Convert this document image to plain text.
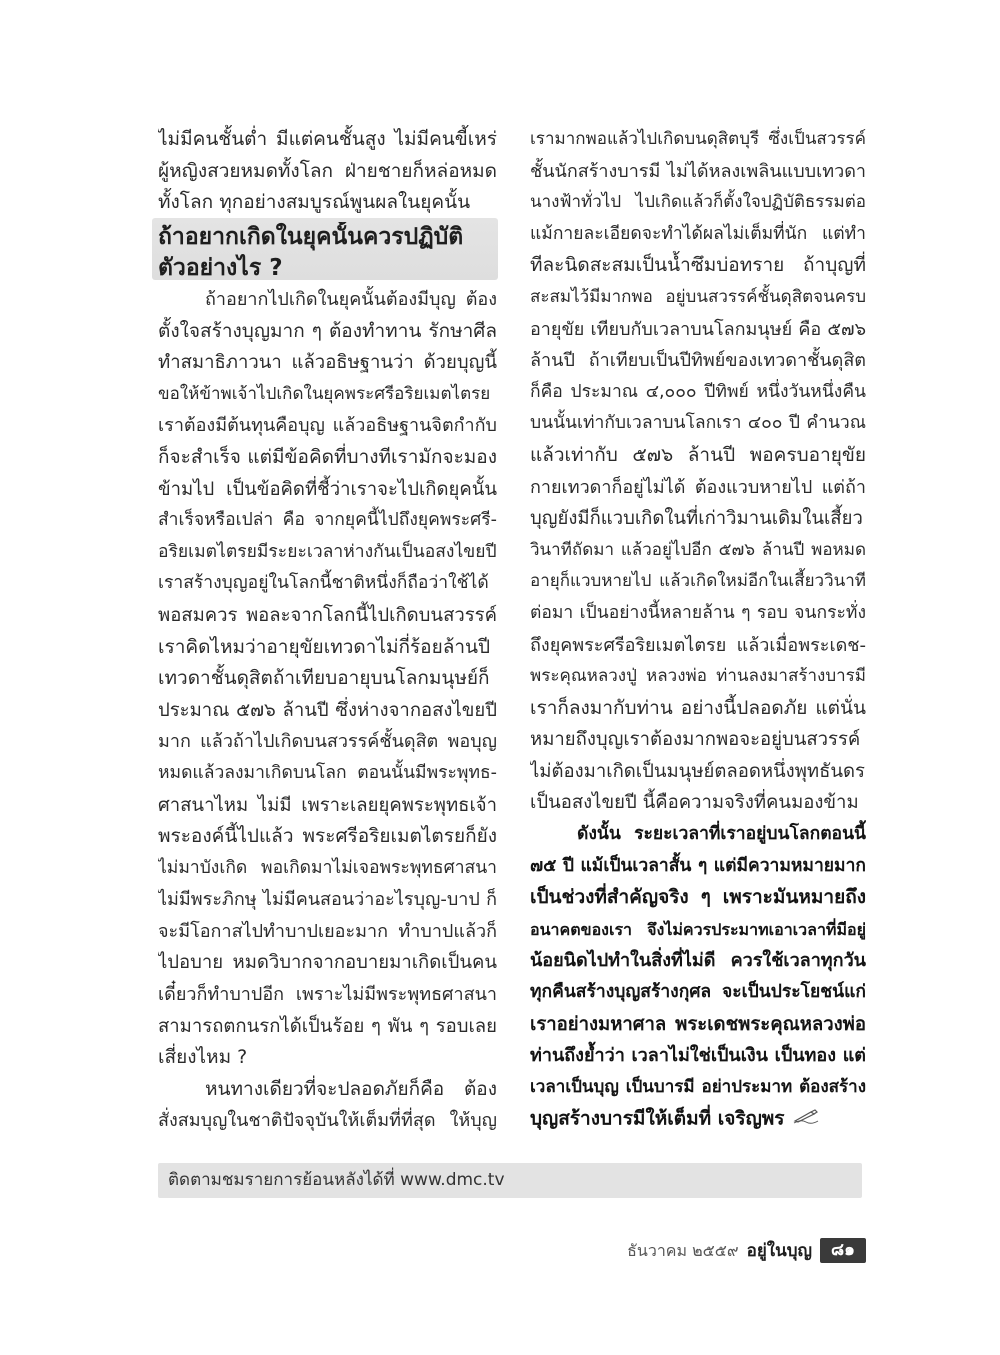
ไม่มีคนชั้นต่ำ มีแต่คนชั้นสูง ไม่มีคนขี้เหร่
ผู้หญิงสวยหมดทั้งโลก ฝ่ายชายก็หล่อหมด
ทั้งโลก ทุกอย่างสมบูรณ์พูนผลในยุคนั้น
ถ้าอยากเกิดในยุคนั้นควรปฏิบัติ
ตัวอย่างไร ?
ถ้าอยากไปเกิดในยุคนั้นต้องมีบุญ ต้อง
ตั้งใจสร้างบุญมาก ๆ ต้องทำทาน รักษาศีล
ทำสมาธิภาวนา แล้วอธิษฐานว่า ด้วยบุญนี้
ขอให้ข้าพเจ้าไปเกิดในยุคพระศรีอริยเมตไตรย
เราต้องมีต้นทุนคือบุญ แล้วอธิษฐานจิตกำกับ
ก็จะสำเร็จ แต่มีข้อคิดที่บางทีเรามักจะมอง
ข้ามไป เป็นข้อคิดที่ชี้ว่าเราจะไปเกิดยุคนั้น
สำเร็จหรือเปล่า คือ จากยุคนี้ไปถึงยุคพระศรี-
อริยเมตไตรยมีระยะเวลาห่างกันเป็นอสงไขยปี
เราสร้างบุญอยู่ในโลกนี้ชาติหนึ่งก็ถือว่าใช้ได้
พอสมควร พอละจากโลกนี้ไปเกิดบนสวรรค์
เราคิดไหมว่าอายุขัยเทวดาไม่กี่ร้อยล้านปี
เทวดาชั้นดุสิตถ้าเทียบอายุบนโลกมนุษย์ก็
ประมาณ ๕๗๖ ล้านปี ซึ่งห่างจากอสงไขยปี
มาก แล้วถ้าไปเกิดบนสวรรค์ชั้นดุสิต พอบุญ
หมดแล้วลงมาเกิดบนโลก ตอนนั้นมีพระพุทธ-
ศาสนาไหม ไม่มี เพราะเลยยุคพระพุทธเจ้า
พระองค์นี้ไปแล้ว พระศรีอริยเมตไตรยก็ยัง
ไม่มาบังเกิด พอเกิดมาไม่เจอพระพุทธศาสนา
ไม่มีพระภิกษุ ไม่มีคนสอนว่าอะไรบุญ-บาป ก็
จะมีโอกาสไปทำบาปเยอะมาก ทำบาปแล้วก็
ไปอบาย หมดวิบากจากอบายมาเกิดเป็นคน
เดี๋ยวก็ทำบาปอีก เพราะไม่มีพระพุทธศาสนา
สามารถตกนรกได้เป็นร้อย ๆ พัน ๆ รอบเลย
เสี่ยงไหม ?
หนทางเดียวที่จะปลอดภัยก็คือ ต้อง
สั่งสมบุญในชาติปัจจุบันให้เต็มที่ที่สุด ให้บุญ
เรามากพอแล้วไปเกิดบนดุสิตบุรี ซึ่งเป็นสวรรค์
ชั้นนักสร้างบารมี ไม่ได้หลงเพลินแบบเทวดา
นางฟ้าทั่วไป ไปเกิดแล้วก็ตั้งใจปฏิบัติธรรมต่อ
แม้กายละเอียดจะทำได้ผลไม่เต็มที่นัก แต่ทำ
ทีละนิดสะสมเป็นน้ำซึมบ่อทราย ถ้าบุญที่
สะสมไว้มีมากพอ อยู่บนสวรรค์ชั้นดุสิตจนครบ
อายุขัย เทียบกับเวลาบนโลกมนุษย์ คือ ๕๗๖
ล้านปี ถ้าเทียบเป็นปีทิพย์ของเทวดาชั้นดุสิต
ก็คือ ประมาณ ๔,๐๐๐ ปีทิพย์ หนึ่งวันหนึ่งคืน
บนนั้นเท่ากับเวลาบนโลกเรา ๔๐๐ ปี คำนวณ
แล้วเท่ากับ ๕๗๖ ล้านปี พอครบอายุขัย
กายเทวดาก็อยู่ไม่ได้ ต้องแวบหายไป แต่ถ้า
บุญยังมีก็แวบเกิดในที่เก่าวิมานเดิมในเสี้ยว
วินาทีถัดมา แล้วอยู่ไปอีก ๕๗๖ ล้านปี พอหมด
อายุก็แวบหายไป แล้วเกิดใหม่อีกในเสี้ยววินาที
ต่อมา เป็นอย่างนี้หลายล้าน ๆ รอบ จนกระทั่ง
ถึงยุคพระศรีอริยเมตไตรย แล้วเมื่อพระเดช-
พระคุณหลวงปู่ หลวงพ่อ ท่านลงมาสร้างบารมี
เราก็ลงมากับท่าน อย่างนี้ปลอดภัย แต่นั่น
หมายถึงบุญเราต้องมากพอจะอยู่บนสวรรค์
ไม่ต้องมาเกิดเป็นมนุษย์ตลอดหนึ่งพุทธันดร
เป็นอสงไขยปี นี้คือความจริงที่คนมองข้าม
ดังนั้น ระยะเวลาที่เราอยู่บนโลกตอนนี้
๗๕ ปี แม้เป็นเวลาสั้น ๆ แต่มีความหมายมาก
เป็นช่วงที่สำคัญจริง ๆ เพราะมันหมายถึง
อนาคตของเรา จึงไม่ควรประมาทเอาเวลาที่มีอยู่
น้อยนิดไปทำในสิ่งที่ไม่ดี ควรใช้เวลาทุกวัน
ทุกคืนสร้างบุญสร้างกุศล จะเป็นประโยชน์แก่
เราอย่างมหาศาล พระเดชพระคุณหลวงพ่อ
ท่านถึงย้ำว่า เวลาไม่ใช่เป็นเงิน เป็นทอง แต่
เวลาเป็นบุญ เป็นบารมี อย่าประมาท ต้องสร้าง
บุญสร้างบารมีให้เต็มที่ เจริญพร
ติดตามชมรายการย้อนหลังได้ที่ www.dmc.tv
ธันวาคม ๒๕๕๙ อยู่ในบุญ	๘๑
